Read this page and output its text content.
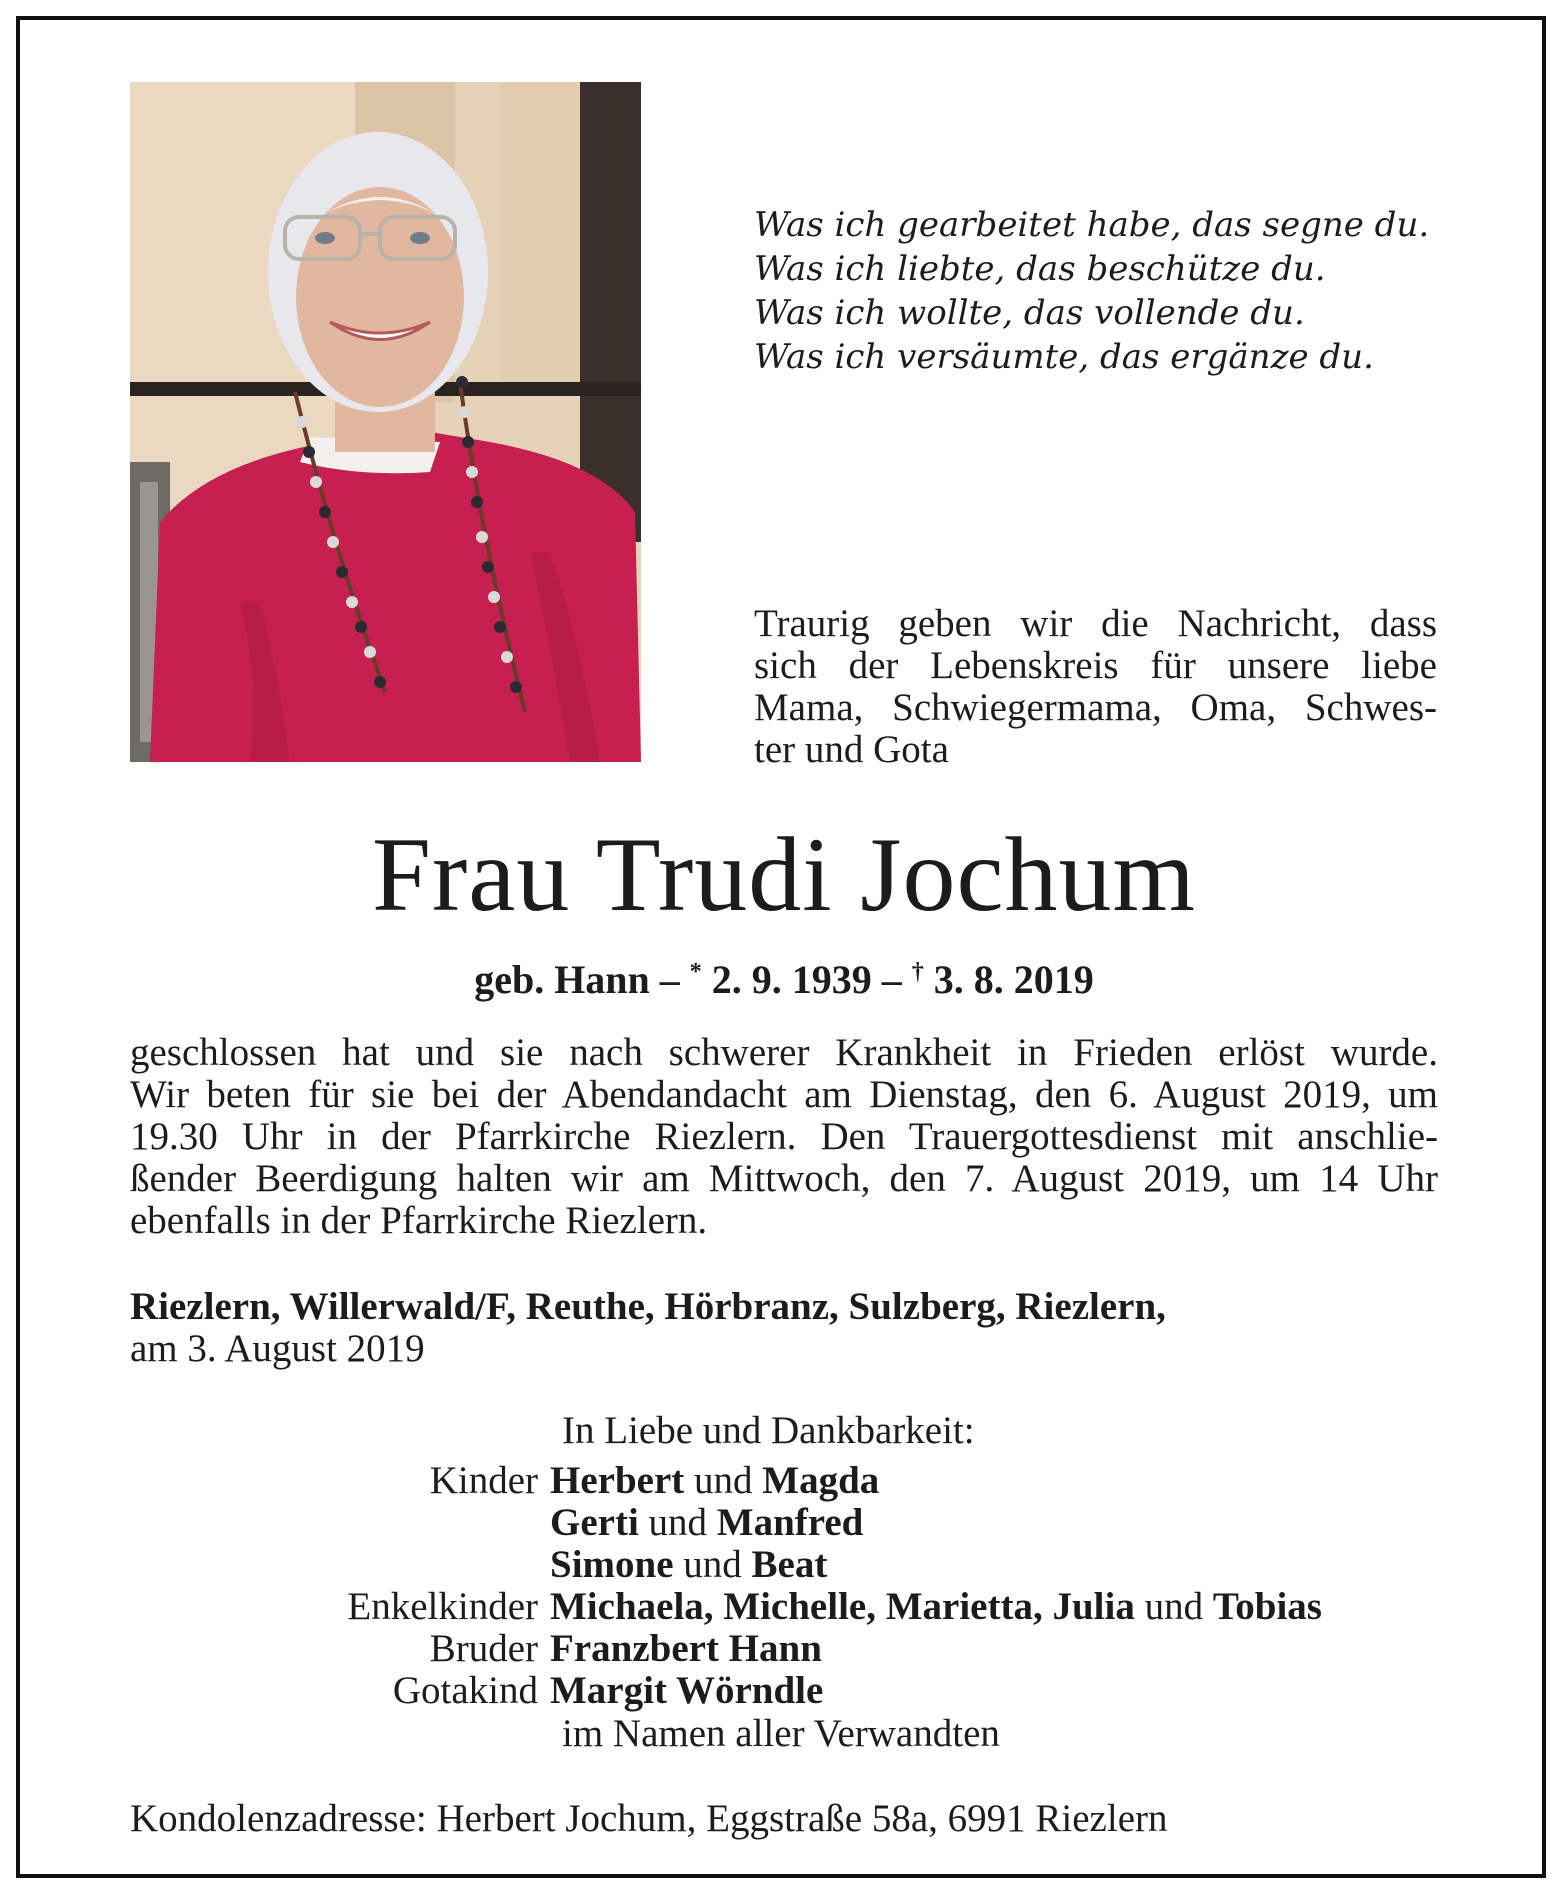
Was ich gearbeitet habe, das segne du.
Was ich liebte, das beschütze du.
Was ich wollte, das vollende du.
Was ich versäumte, das ergänze du.
Traurig geben wir die Nachricht, dass
sich der Lebenskreis für unsere liebe
Mama, Schwiegermama, Oma, Schwes-
ter und Gota
Frau Trudi Jochum
geb. Hann – * 2. 9. 1939 – † 3. 8. 2019
geschlossen hat und sie nach schwerer Krankheit in Frieden erlöst wurde.
Wir beten für sie bei der Abendandacht am Dienstag, den 6. August 2019, um
19.30 Uhr in der Pfarrkirche Riezlern. Den Trauergottesdienst mit anschlie-
ßender Beerdigung halten wir am Mittwoch, den 7. August 2019, um 14 Uhr
ebenfalls in der Pfarrkirche Riezlern.
Riezlern, Willerwald/F, Reuthe, Hörbranz, Sulzberg, Riezlern,
am 3. August 2019
In Liebe und Dankbarkeit:
Kinder Herbert und Magda
Gerti und Manfred
Simone und Beat
Enkelkinder Michaela, Michelle, Marietta, Julia und Tobias
Bruder Franzbert Hann
Gotakind Margit Wörndle
im Namen aller Verwandten
Kondolenzadresse: Herbert Jochum, Eggstraße 58a, 6991 Riezlern
